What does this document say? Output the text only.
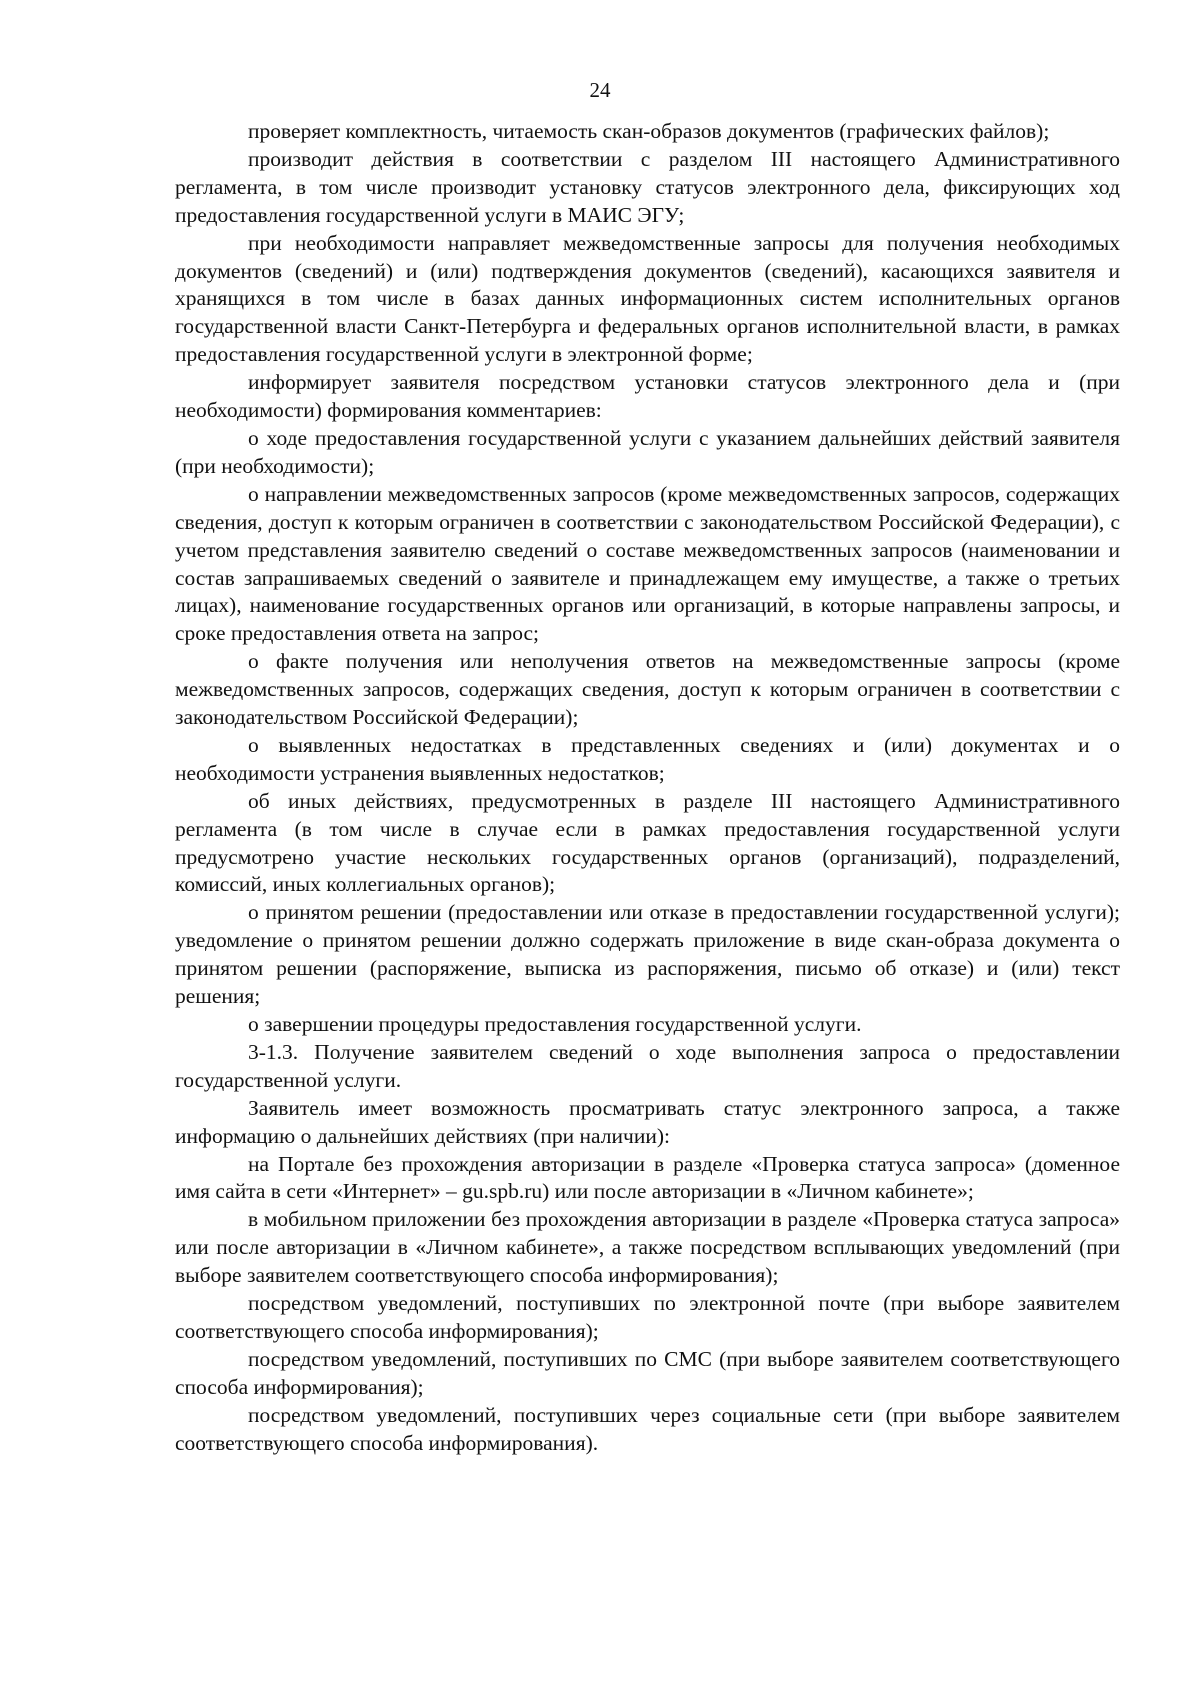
24

проверяет комплектность, читаемость скан-образов документов (графических файлов);

производит действия в соответствии с разделом III настоящего Административного регламента, в том числе производит установку статусов электронного дела, фиксирующих ход предоставления государственной услуги в МАИС ЭГУ;

при необходимости направляет межведомственные запросы для получения необходимых документов (сведений) и (или) подтверждения документов (сведений), касающихся заявителя и хранящихся в том числе в базах данных информационных систем исполнительных органов государственной власти Санкт-Петербурга и федеральных органов исполнительной власти, в рамках предоставления государственной услуги в электронной форме;

информирует заявителя посредством установки статусов электронного дела и (при необходимости) формирования комментариев:

о ходе предоставления государственной услуги с указанием дальнейших действий заявителя (при необходимости);

о направлении межведомственных запросов (кроме межведомственных запросов, содержащих сведения, доступ к которым ограничен в соответствии с законодательством Российской Федерации), с учетом представления заявителю сведений о составе межведомственных запросов (наименовании и состав запрашиваемых сведений о заявителе и принадлежащем ему имуществе, а также о третьих лицах), наименование государственных органов или организаций, в которые направлены запросы, и сроке предоставления ответа на запрос;

о факте получения или неполучения ответов на межведомственные запросы (кроме межведомственных запросов, содержащих сведения, доступ к которым ограничен в соответствии с законодательством Российской Федерации);

о выявленных недостатках в представленных сведениях и (или) документах и о необходимости устранения выявленных недостатков;

об иных действиях, предусмотренных в разделе III настоящего Административного регламента (в том числе в случае если в рамках предоставления государственной услуги предусмотрено участие нескольких государственных органов (организаций), подразделений, комиссий, иных коллегиальных органов);

о принятом решении (предоставлении или отказе в предоставлении государственной услуги); уведомление о принятом решении должно содержать приложение в виде скан-образа документа о принятом решении (распоряжение, выписка из распоряжения, письмо об отказе) и (или) текст решения;

о завершении процедуры предоставления государственной услуги.

3-1.3. Получение заявителем сведений о ходе выполнения запроса о предоставлении государственной услуги.

Заявитель имеет возможность просматривать статус электронного запроса, а также информацию о дальнейших действиях (при наличии):

на Портале без прохождения авторизации в разделе «Проверка статуса запроса» (доменное имя сайта в сети «Интернет» – gu.spb.ru) или после авторизации в «Личном кабинете»;

в мобильном приложении без прохождения авторизации в разделе «Проверка статуса запроса» или после авторизации в «Личном кабинете», а также посредством всплывающих уведомлений (при выборе заявителем соответствующего способа информирования);

посредством уведомлений, поступивших по электронной почте (при выборе заявителем соответствующего способа информирования);

посредством уведомлений, поступивших по СМС (при выборе заявителем соответствующего способа информирования);

посредством уведомлений, поступивших через социальные сети (при выборе заявителем соответствующего способа информирования).
